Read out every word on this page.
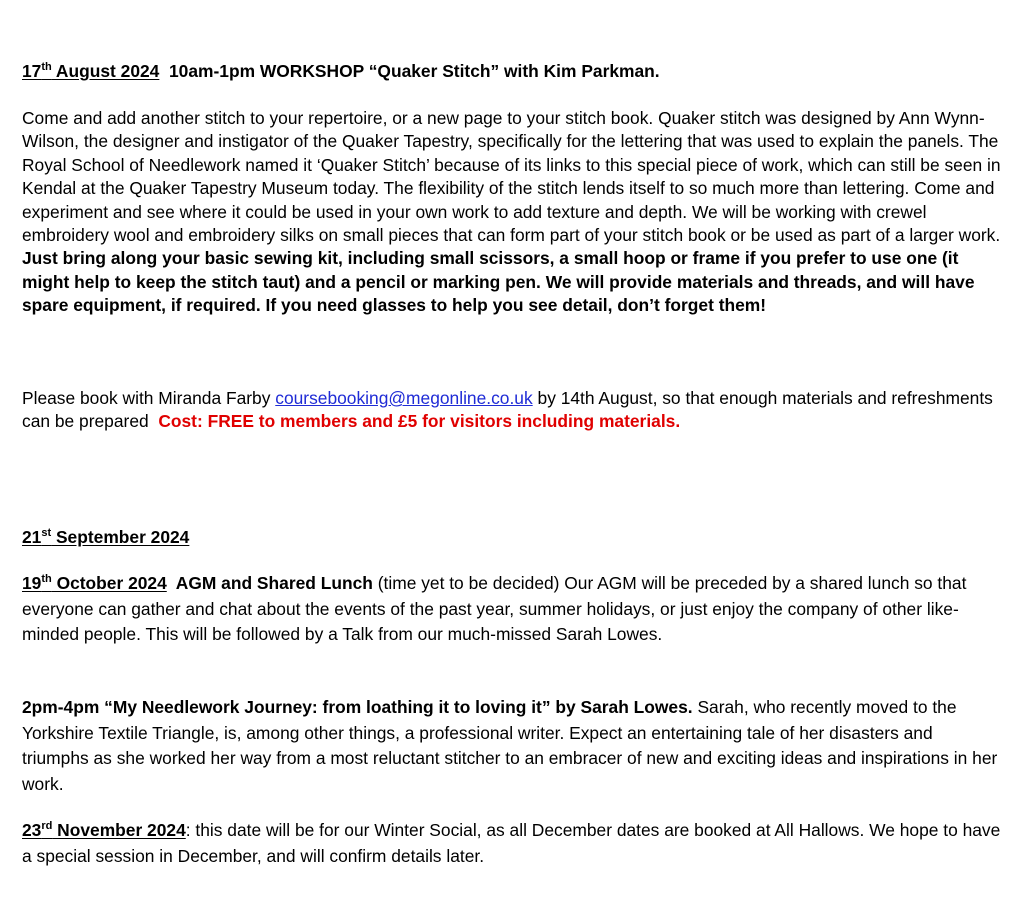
17th August 2024  10am-1pm WORKSHOP “Quaker Stitch” with Kim Parkman.

Come and add another stitch to your repertoire, or a new page to your stitch book. Quaker stitch was designed by Ann Wynn-Wilson, the designer and instigator of the Quaker Tapestry, specifically for the lettering that was used to explain the panels. The Royal School of Needlework named it ‘Quaker Stitch’ because of its links to this special piece of work, which can still be seen in Kendal at the Quaker Tapestry Museum today. The flexibility of the stitch lends itself to so much more than lettering. Come and experiment and see where it could be used in your own work to add texture and depth. We will be working with crewel embroidery wool and embroidery silks on small pieces that can form part of your stitch book or be used as part of a larger work. Just bring along your basic sewing kit, including small scissors, a small hoop or frame if you prefer to use one (it might help to keep the stitch taut) and a pencil or marking pen. We will provide materials and threads, and will have spare equipment, if required. If you need glasses to help you see detail, don’t forget them!

Please book with Miranda Farby coursebooking@megonline.co.uk by 14th August, so that enough materials and refreshments can be prepared  Cost: FREE to members and £5 for visitors including materials.

21st September 2024

19th October 2024  AGM and Shared Lunch (time yet to be decided) Our AGM will be preceded by a shared lunch so that everyone can gather and chat about the events of the past year, summer holidays, or just enjoy the company of other like-minded people. This will be followed by a Talk from our much-missed Sarah Lowes.

2pm-4pm “My Needlework Journey: from loathing it to loving it” by Sarah Lowes. Sarah, who recently moved to the Yorkshire Textile Triangle, is, among other things, a professional writer. Expect an entertaining tale of her disasters and triumphs as she worked her way from a most reluctant stitcher to an embracer of new and exciting ideas and inspirations in her work.

23rd November 2024: this date will be for our Winter Social, as all December dates are booked at All Hallows. We hope to have a special session in December, and will confirm details later.
